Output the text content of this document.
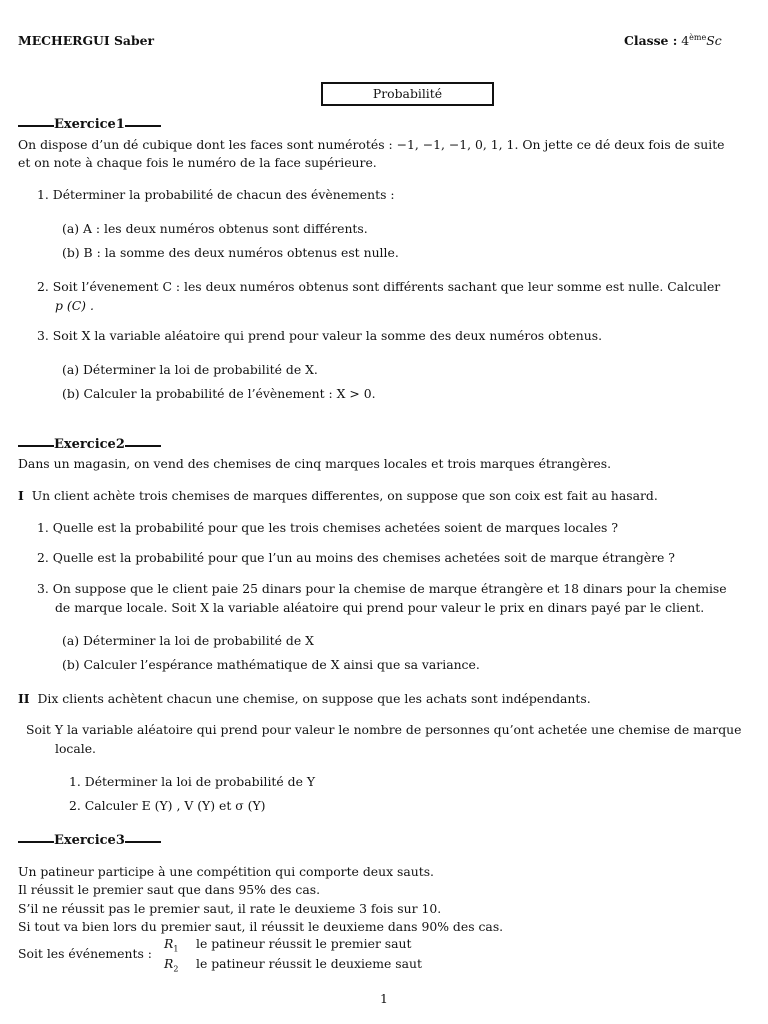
MECHERGUI Saber	Classe : 4èmeSc
Probabilité
Exercice1
On dispose d’un dé cubique dont les faces sont numérotés : −1, −1, −1, 0, 1, 1. On jette ce dé deux fois de suite
et on note à chaque fois le numéro de la face supérieure.
1. Déterminer la probabilité de chacun des évènements :
(a) A : les deux numéros obtenus sont différents.
(b) B : la somme des deux numéros obtenus est nulle.
2. Soit l’évenement C : les deux numéros obtenus sont différents sachant que leur somme est nulle. Calculer
p (C) .
3. Soit X la variable aléatoire qui prend pour valeur la somme des deux numéros obtenus.
(a) Déterminer la loi de probabilité de X.
(b) Calculer la probabilité de l’évènement : X > 0.
Exercice2
Dans un magasin, on vend des chemises de cinq marques locales et trois marques étrangères.
I Un client achète trois chemises de marques differentes, on suppose que son coix est fait au hasard.
1. Quelle est la probabilité pour que les trois chemises achetées soient de marques locales ?
2. Quelle est la probabilité pour que l’un au moins des chemises achetées soit de marque étrangère ?
3. On suppose que le client paie 25 dinars pour la chemise de marque étrangère et 18 dinars pour la chemise
de marque locale. Soit X la variable aléatoire qui prend pour valeur le prix en dinars payé par le client.
(a) Déterminer la loi de probabilité de X
(b) Calculer l’espérance mathématique de X ainsi que sa variance.
II Dix clients achètent chacun une chemise, on suppose que les achats sont indépendants.
Soit Y la variable aléatoire qui prend pour valeur le nombre de personnes qu’ont achetée une chemise de marque
locale.
1. Déterminer la loi de probabilité de Y
2. Calculer E (Y) , V (Y) et σ (Y)
Exercice3
Un patineur participe à une compétition qui comporte deux sauts.
Il réussit le premier saut que dans 95% des cas.
S’il ne réussit pas le premier saut, il rate le deuxieme 3 fois sur 10.
Si tout va bien lors du premier saut, il réussit le deuxieme dans 90% des cas.
Soit les événements :
$R_1$ le patineur réussit le premier saut
$R_2$ le patineur réussit le deuxieme saut
1
